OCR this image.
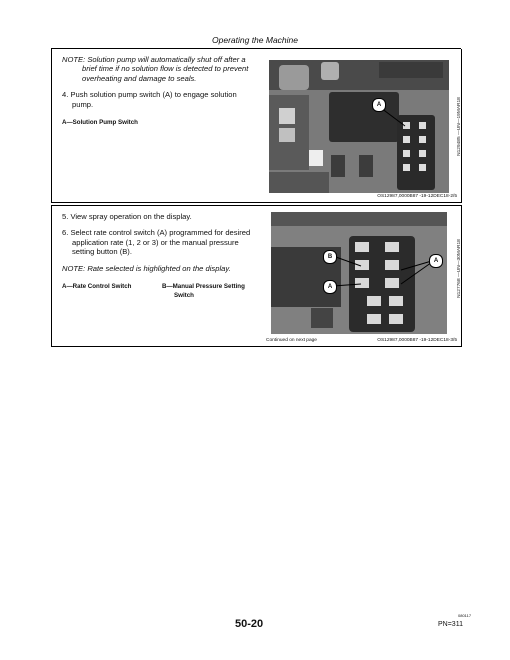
Operating the Machine
NOTE: Solution pump will automatically shut off after a
brief time if no solution flow is detected to prevent
overheating and damage to seals.
4. Push solution pump switch (A) to engage solution
pump.
A—Solution Pump Switch
A	N129485 —UN—19MAR18
OS12987,0000B87 -19-12DEC18-2/5
5. View spray operation on the display.
6. Select rate control switch (A) programmed for desired
application rate (1, 2 or 3) or the manual pressure
setting button (B).
NOTE: Rate selected is highlighted on the display.
A—Rate Control Switch	B—Manual Pressure Setting
Switch
B
A
A	N127768 —UN—30MAR18
Continued on next page	OS12987,0000B87 -19-12DEC18-3/5
50-20
080117
PN=311
